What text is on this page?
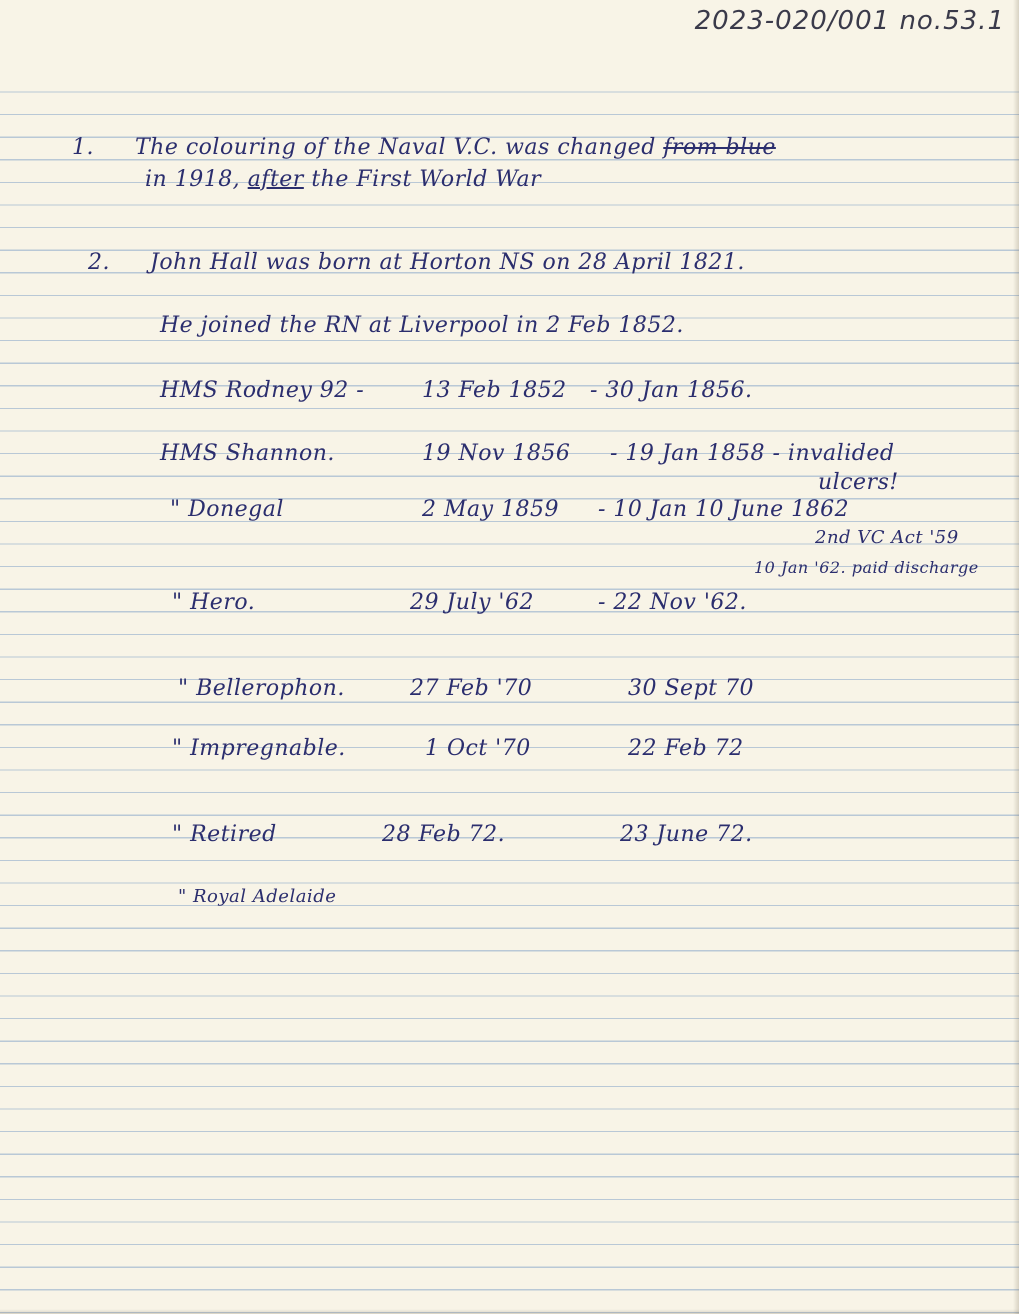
2023-020/001 no.53.1
1. The colouring of the Naval V.C. was changed from blue
in 1918, after the First World War
2. John Hall was born at Horton NS on 28 April 1821.
He joined the RN at Liverpool in 2 Feb 1852.
HMS Rodney 92 -	13 Feb 1852 - 30 Jan 1856.
HMS Shannon.	19 Nov 1856 - 19 Jan 1858 - invalided
ulcers!
" Donegal	2 May 1859 - 10 Jan 10 June 1862
2nd VC Act '59
10 Jan '62. paid discharge
" Hero.	29 July '62	- 22 Nov '62.
" Bellerophon.	27 Feb '70	30 Sept 70
" Impregnable.	1 Oct '70	22 Feb 72
" Retired	28 Feb 72.	23 June 72.
" Royal Adelaide
